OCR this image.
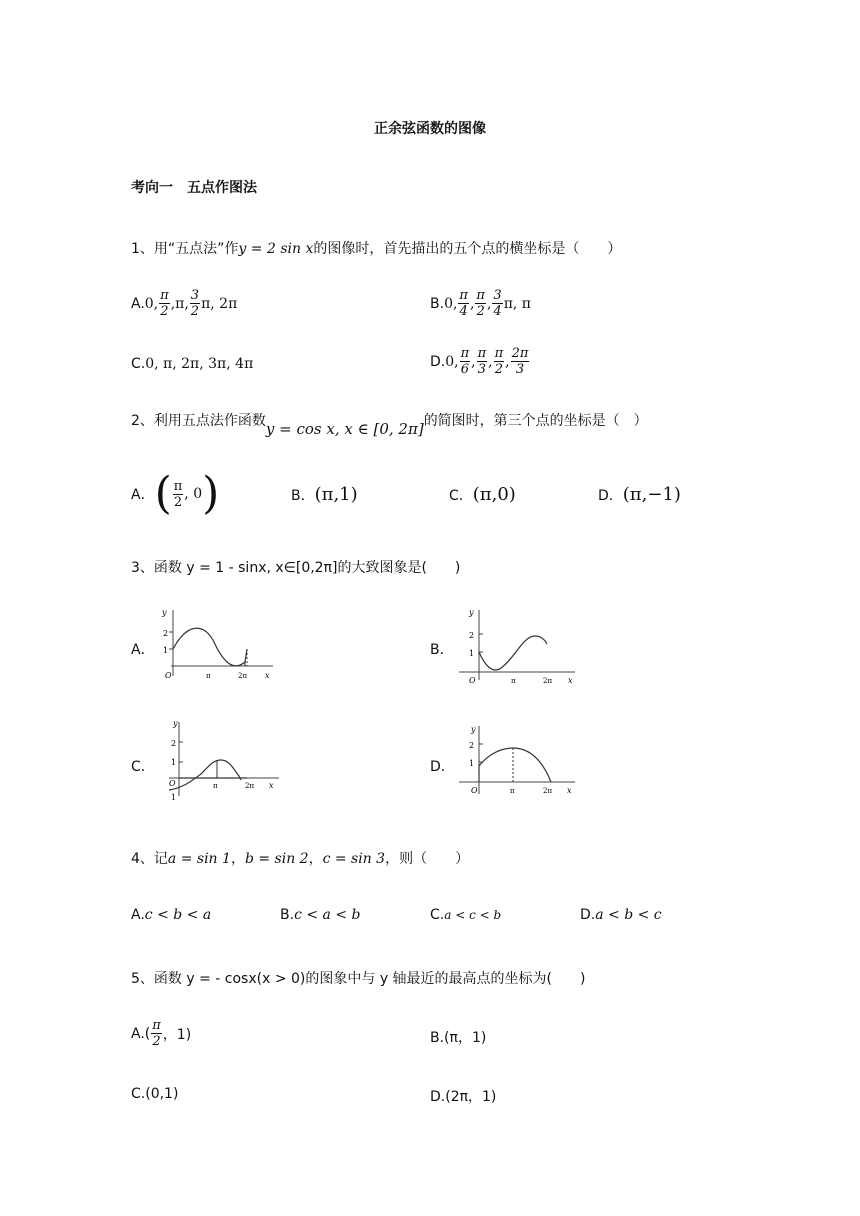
正余弦函数的图像
考向一　五点作图法
1、用“五点法”作y = 2 sin x的图像时，首先描出的五个点的横坐标是（　　）
A. 0, $\frac{\pi}{2} ,\pi$, $\frac{3}{2} \pi$, 2π	B. 0, $\frac{\pi}{4}$ , $\frac{\pi}{2}$ , $\frac{3}{4} \pi$, π
C. 0, π, 2π, 3π, 4π	D. 0, $\frac{\pi}{6}$ , $\frac{\pi}{3}$ , $\frac{\pi}{2}$ , $\frac{2\pi}{3}$
2、利用五点法作函数 y = cos x, x ∈ [0, 2π] 的简图时，第三个点的坐标是（　）
A． ( $\frac{\pi}{2}$ , 0 )	B． (π,1)	C． (π,0)	D． (π,−1)
3、函数 y = 1 - sinx, x∈[0,2π]的大致图象是(　　)
A．	B．
C．	D．
y
2
1
O	π	2π x
y
2
1
O	π	2π x
y
2
1
O
1
π	2π x
y
2
1
O	π	2π x
4、记a = sin 1，b = sin 2，c = sin 3，则（　　）
A.c < b < a	B.c < a < b	C.a < c < b	D.a < b < c
5、函数 y = - cosx(x > 0)的图象中与 y 轴最近的最高点的坐标为(　　)
$A.( \frac{\pi}{2}$ ，1)	B.(π，1)
C.(0,1)	D.(2π，1)
